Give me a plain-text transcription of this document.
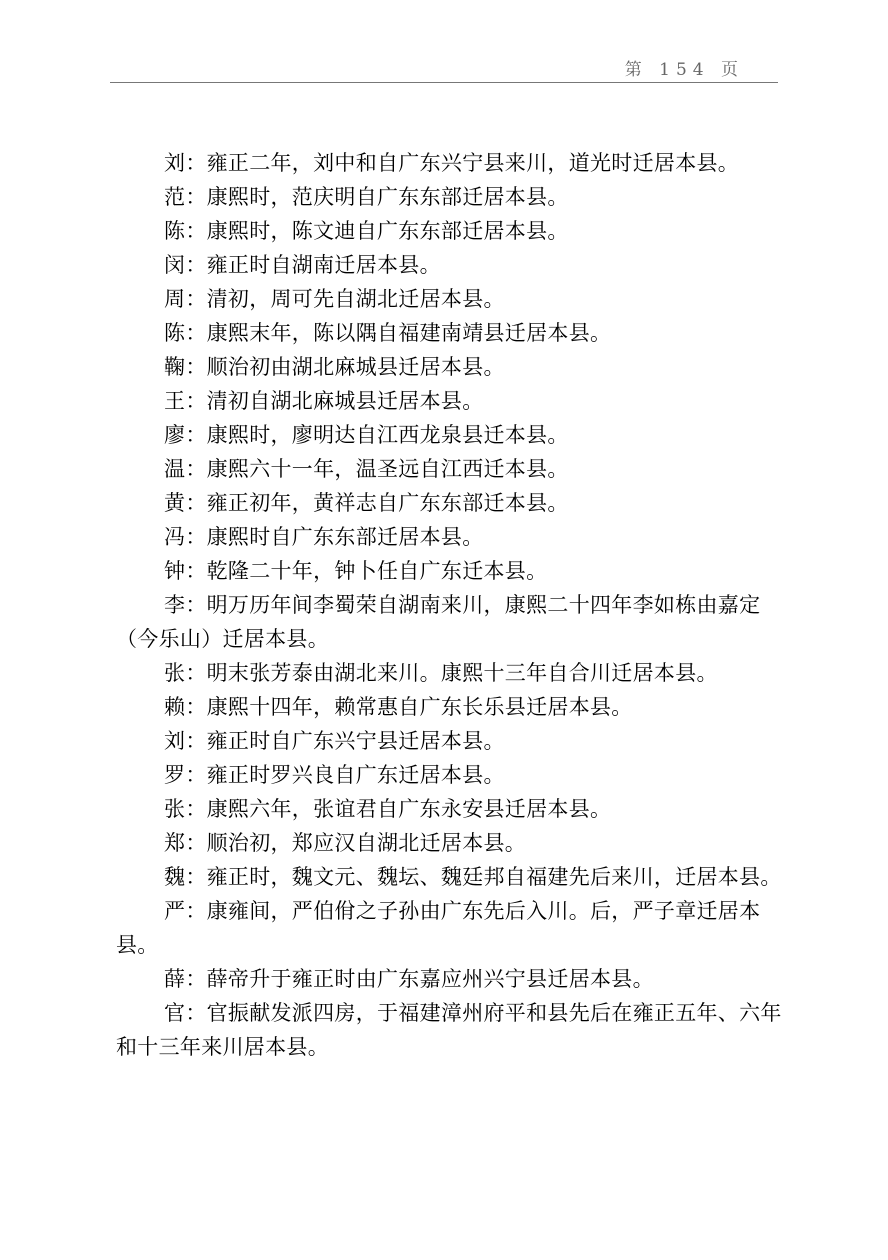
第 154 页

刘：雍正二年，刘中和自广东兴宁县来川，道光时迁居本县。

范：康熙时，范庆明自广东东部迁居本县。

陈：康熙时，陈文迪自广东东部迁居本县。

闵：雍正时自湖南迁居本县。

周：清初，周可先自湖北迁居本县。

陈：康熙末年，陈以隅自福建南靖县迁居本县。

鞠：顺治初由湖北麻城县迁居本县。

王：清初自湖北麻城县迁居本县。

廖：康熙时，廖明达自江西龙泉县迁本县。

温：康熙六十一年，温圣远自江西迁本县。

黄：雍正初年，黄祥志自广东东部迁本县。

冯：康熙时自广东东部迁居本县。

钟：乾隆二十年，钟卜任自广东迁本县。

李：明万历年间李蜀荣自湖南来川，康熙二十四年李如栋由嘉定（今乐山）迁居本县。

张：明末张芳泰由湖北来川。康熙十三年自合川迁居本县。

赖：康熙十四年，赖常惠自广东长乐县迁居本县。

刘：雍正时自广东兴宁县迁居本县。

罗：雍正时罗兴良自广东迁居本县。

张：康熙六年，张谊君自广东永安县迁居本县。

郑：顺治初，郑应汉自湖北迁居本县。

魏：雍正时，魏文元、魏坛、魏廷邦自福建先后来川，迁居本县。

严：康雍间，严伯佾之子孙由广东先后入川。后，严子章迁居本县。

薛：薛帝升于雍正时由广东嘉应州兴宁县迁居本县。

官：官振献发派四房，于福建漳州府平和县先后在雍正五年、六年和十三年来川居本县。
